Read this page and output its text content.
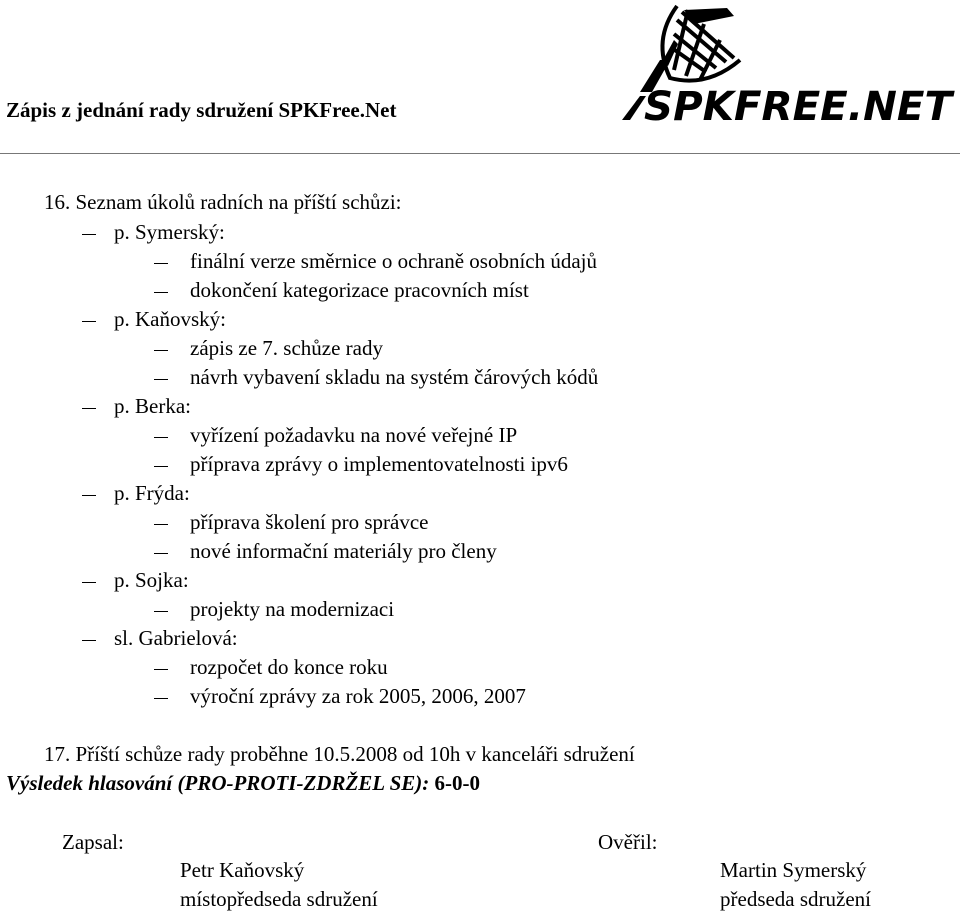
Zápis z jednání rady sdružení SPKFree.Net	SPKFREE.NET
16. Seznam úkolů radních na příští schůzi:
p. Symerský:
finální verze směrnice o ochraně osobních údajů
dokončení kategorizace pracovních míst
p. Kaňovský:
zápis ze 7. schůze rady
návrh vybavení skladu na systém čárových kódů
p. Berka:
vyřízení požadavku na nové veřejné IP
příprava zprávy o implementovatelnosti ipv6
p. Frýda:
příprava školení pro správce
nové informační materiály pro členy
p. Sojka:
projekty na modernizaci
sl. Gabrielová:
rozpočet do konce roku
výroční zprávy za rok 2005, 2006, 2007
17. Příští schůze rady proběhne 10.5.2008 od 10h v kanceláři sdružení
Výsledek hlasování (PRO-PROTI-ZDRŽEL SE): 6-0-0
Zapsal:
Petr Kaňovský
místopředseda sdružení
Ověřil:
Martin Symerský
předseda sdružení
